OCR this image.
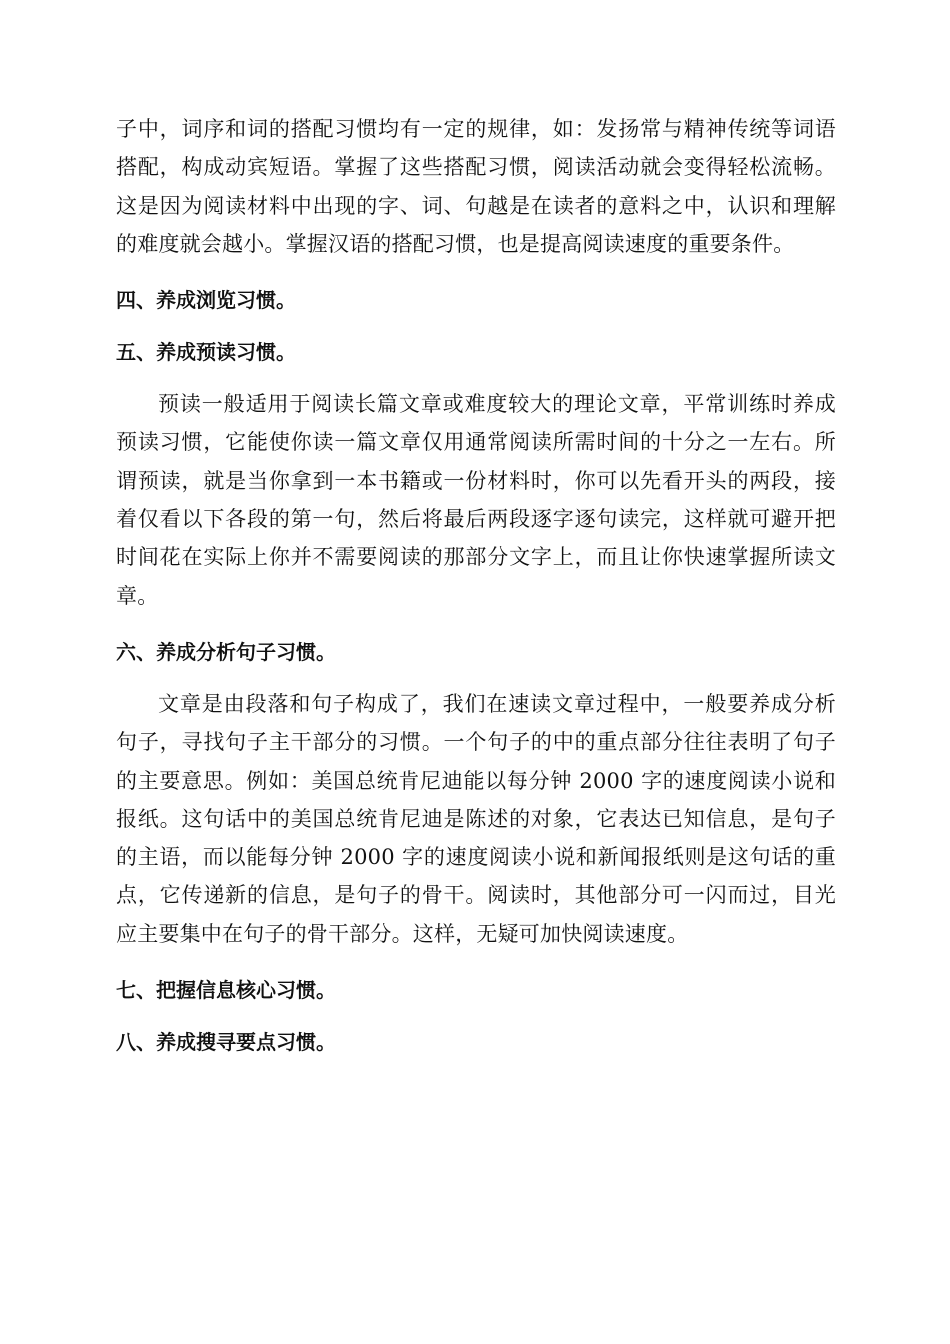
子中，词序和词的搭配习惯均有一定的规律，如：发扬常与精神传统等词语搭配，构成动宾短语。掌握了这些搭配习惯，阅读活动就会变得轻松流畅。这是因为阅读材料中出现的字、词、句越是在读者的意料之中，认识和理解的难度就会越小。掌握汉语的搭配习惯，也是提高阅读速度的重要条件。

四、养成浏览习惯。

五、养成预读习惯。

预读一般适用于阅读长篇文章或难度较大的理论文章，平常训练时养成预读习惯，它能使你读一篇文章仅用通常阅读所需时间的十分之一左右。所谓预读，就是当你拿到一本书籍或一份材料时，你可以先看开头的两段，接着仅看以下各段的第一句，然后将最后两段逐字逐句读完，这样就可避开把时间花在实际上你并不需要阅读的那部分文字上，而且让你快速掌握所读文章。

六、养成分析句子习惯。

文章是由段落和句子构成了，我们在速读文章过程中，一般要养成分析句子，寻找句子主干部分的习惯。一个句子的中的重点部分往往表明了句子的主要意思。例如：美国总统肯尼迪能以每分钟 2000 字的速度阅读小说和报纸。这句话中的美国总统肯尼迪是陈述的对象，它表达已知信息，是句子的主语，而以能每分钟 2000 字的速度阅读小说和新闻报纸则是这句话的重点，它传递新的信息，是句子的骨干。阅读时，其他部分可一闪而过，目光应主要集中在句子的骨干部分。这样，无疑可加快阅读速度。

七、把握信息核心习惯。

八、养成搜寻要点习惯。
